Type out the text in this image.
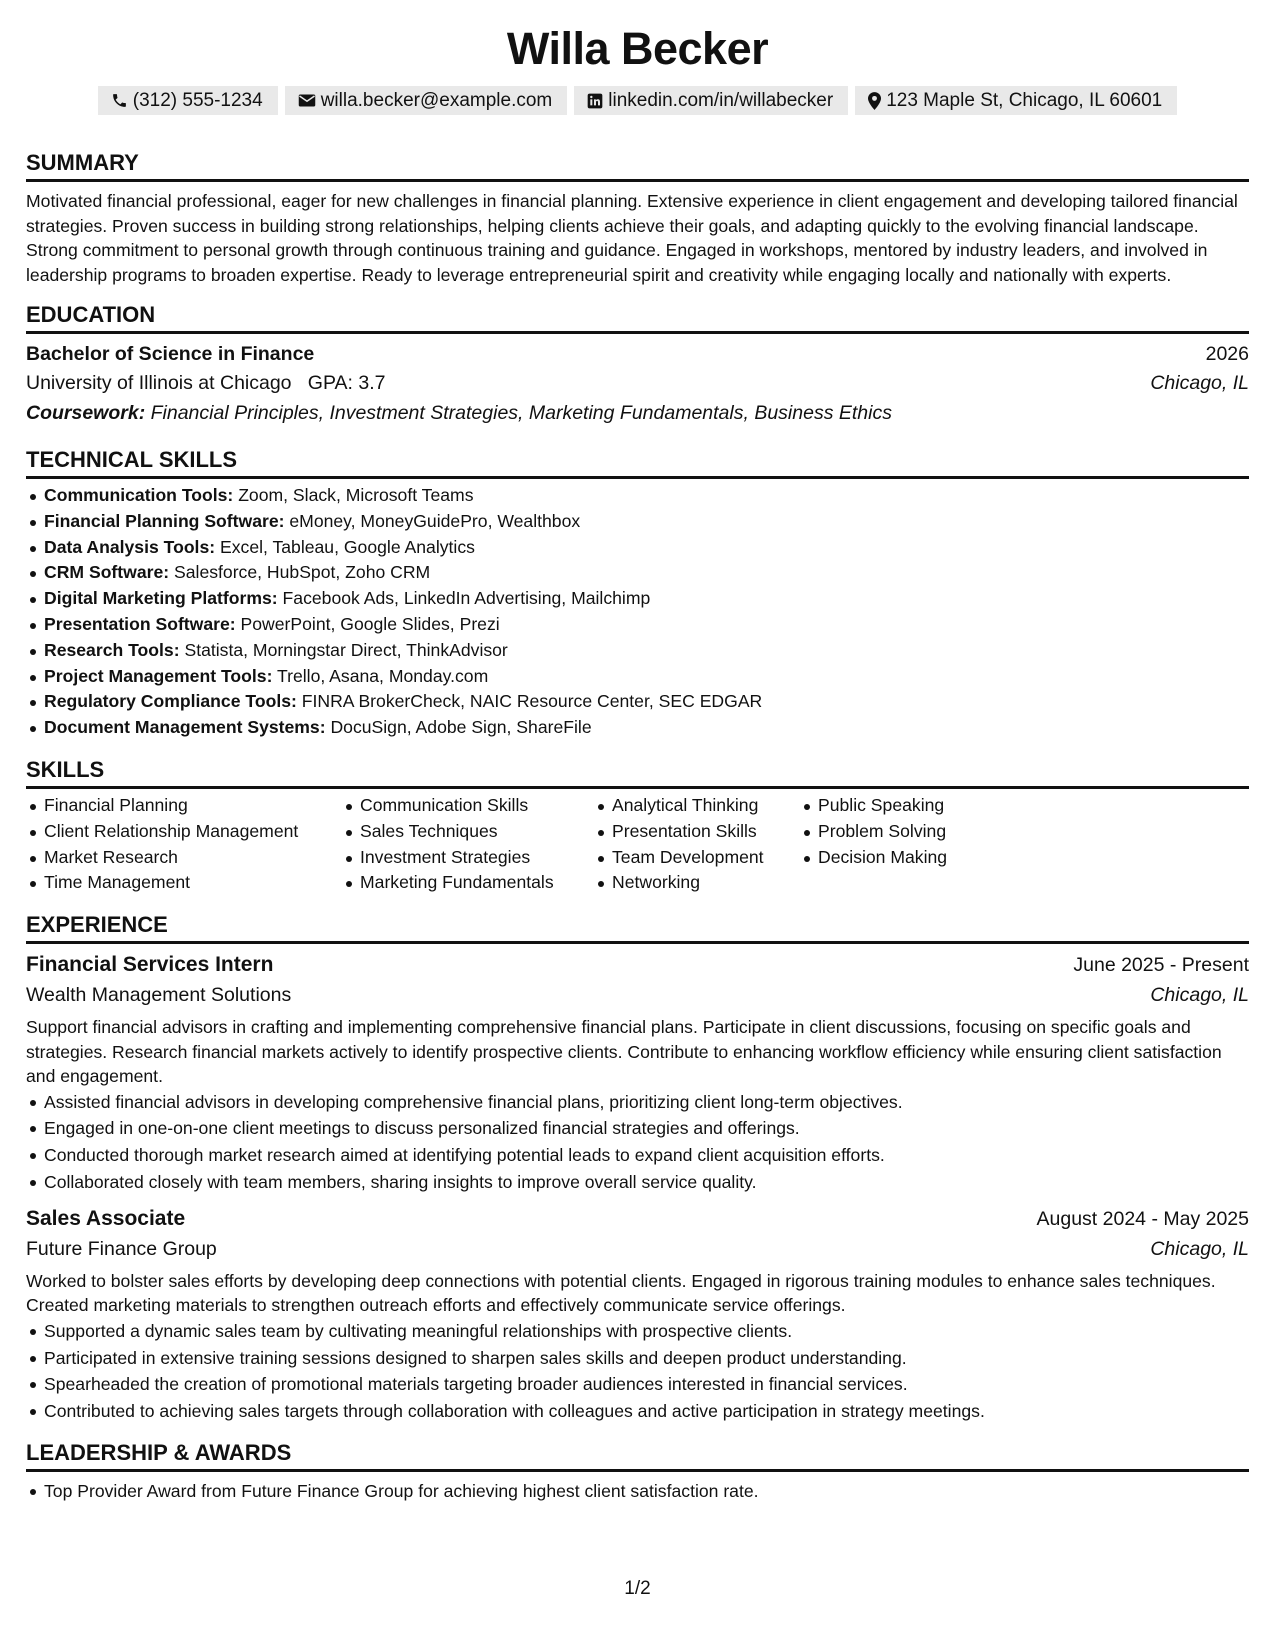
Willa Becker
(312) 555-1234	willa.becker@example.com	linkedin.com/in/willabecker	123 Maple St, Chicago, IL 60601
SUMMARY

Motivated financial professional, eager for new challenges in financial planning. Extensive experience in client engagement and developing tailored financial strategies. Proven success in building strong relationships, helping clients achieve their goals, and adapting quickly to the evolving financial landscape. Strong commitment to personal growth through continuous training and guidance. Engaged in workshops, mentored by industry leaders, and involved in leadership programs to broaden expertise. Ready to leverage entrepreneurial spirit and creativity while engaging locally and nationally with experts.

EDUCATION
Bachelor of Science in Finance	2026
University of Illinois at Chicago GPA: 3.7	Chicago, IL
Coursework: Financial Principles, Investment Strategies, Marketing Fundamentals, Business Ethics
TECHNICAL SKILLS
Communication Tools: Zoom, Slack, Microsoft Teams
Financial Planning Software: eMoney, MoneyGuidePro, Wealthbox
Data Analysis Tools: Excel, Tableau, Google Analytics
CRM Software: Salesforce, HubSpot, Zoho CRM
Digital Marketing Platforms: Facebook Ads, LinkedIn Advertising, Mailchimp
Presentation Software: PowerPoint, Google Slides, Prezi
Research Tools: Statista, Morningstar Direct, ThinkAdvisor
Project Management Tools: Trello, Asana, Monday.com
Regulatory Compliance Tools: FINRA BrokerCheck, NAIC Resource Center, SEC EDGAR
Document Management Systems: DocuSign, Adobe Sign, ShareFile
SKILLS
Financial Planning
Client Relationship Management
Market Research
Time Management
Communication Skills
Sales Techniques
Investment Strategies
Marketing Fundamentals
Analytical Thinking
Presentation Skills
Team Development
Networking
Public Speaking
Problem Solving
Decision Making
EXPERIENCE
Financial Services Intern	June 2025 - Present
Wealth Management Solutions	Chicago, IL

Support financial advisors in crafting and implementing comprehensive financial plans. Participate in client discussions, focusing on specific goals and strategies. Research financial markets actively to identify prospective clients. Contribute to enhancing workflow efficiency while ensuring client satisfaction and engagement.

Assisted financial advisors in developing comprehensive financial plans, prioritizing client long-term objectives.
Engaged in one-on-one client meetings to discuss personalized financial strategies and offerings.
Conducted thorough market research aimed at identifying potential leads to expand client acquisition efforts.
Collaborated closely with team members, sharing insights to improve overall service quality.
Sales Associate	August 2024 - May 2025
Future Finance Group	Chicago, IL

Worked to bolster sales efforts by developing deep connections with potential clients. Engaged in rigorous training modules to enhance sales techniques. Created marketing materials to strengthen outreach efforts and effectively communicate service offerings.

Supported a dynamic sales team by cultivating meaningful relationships with prospective clients.
Participated in extensive training sessions designed to sharpen sales skills and deepen product understanding.
Spearheaded the creation of promotional materials targeting broader audiences interested in financial services.
Contributed to achieving sales targets through collaboration with colleagues and active participation in strategy meetings.
LEADERSHIP & AWARDS
Top Provider Award from Future Finance Group for achieving highest client satisfaction rate.
1/2
